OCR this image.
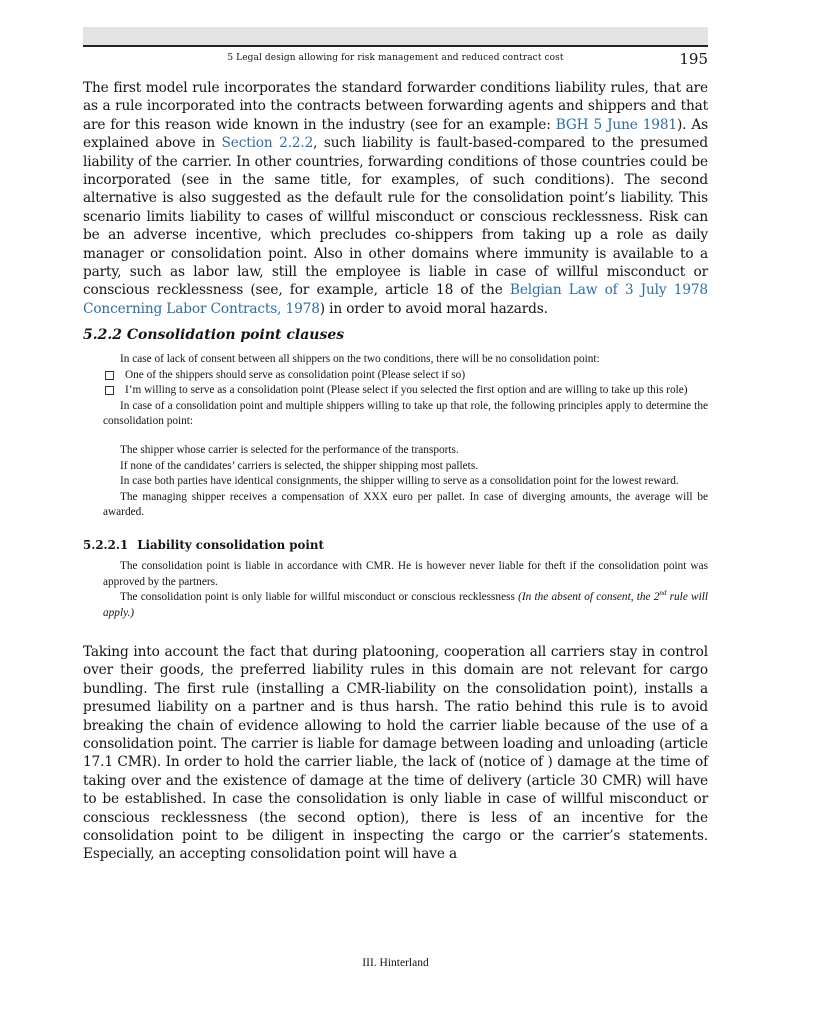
5 Legal design allowing for risk management and reduced contract cost	195

The first model rule incorporates the standard forwarder conditions liability rules, that are as a rule incorporated into the contracts between forwarding agents and shippers and that are for this reason wide known in the industry (see for an example: BGH 5 June 1981). As explained above in Section 2.2.2, such liability is fault-based-compared to the presumed liability of the carrier. In other countries, forwarding conditions of those countries could be incorporated (see in the same title, for examples, of such conditions). The second alternative is also suggested as the default rule for the consolidation point’s liability. This scenario limits liability to cases of willful misconduct or conscious recklessness. Risk can be an adverse incentive, which precludes co-shippers from taking up a role as daily manager or consolidation point. Also in other domains where immunity is available to a party, such as labor law, still the employee is liable in case of willful misconduct or conscious recklessness (see, for example, article 18 of the Belgian Law of 3 July 1978 Concerning Labor Contracts, 1978) in order to avoid moral hazards.

5.2.2 Consolidation point clauses

In case of lack of consent between all shippers on the two conditions, there will be no consolidation point:

One of the shippers should serve as consolidation point (Please select if so)
I’m willing to serve as a consolidation point (Please select if you selected the first option and are willing to take up this role)

In case of a consolidation point and multiple shippers willing to take up that role, the following principles apply to determine the consolidation point:

The shipper whose carrier is selected for the performance of the transports.

If none of the candidates’ carriers is selected, the shipper shipping most pallets.

In case both parties have identical consignments, the shipper willing to serve as a consolidation point for the lowest reward.

The managing shipper receives a compensation of XXX euro per pallet. In case of diverging amounts, the average will be awarded.

5.2.2.1 Liability consolidation point

The consolidation point is liable in accordance with CMR. He is however never liable for theft if the consolidation point was approved by the partners.

The consolidation point is only liable for willful misconduct or conscious recklessness (In the absent of consent, the 2nd rule will apply.)

Taking into account the fact that during platooning, cooperation all carriers stay in control over their goods, the preferred liability rules in this domain are not relevant for cargo bundling. The first rule (installing a CMR-liability on the consolidation point), installs a presumed liability on a partner and is thus harsh. The ratio behind this rule is to avoid breaking the chain of evidence allowing to hold the carrier liable because of the use of a consolidation point. The carrier is liable for damage between loading and unloading (article 17.1 CMR). In order to hold the carrier liable, the lack of (notice of ) damage at the time of taking over and the existence of damage at the time of delivery (article 30 CMR) will have to be established. In case the consolidation is only liable in case of willful misconduct or conscious recklessness (the second option), there is less of an incentive for the consolidation point to be diligent in inspecting the cargo or the carrier’s statements. Especially, an accepting consolidation point will have a

III. Hinterland
